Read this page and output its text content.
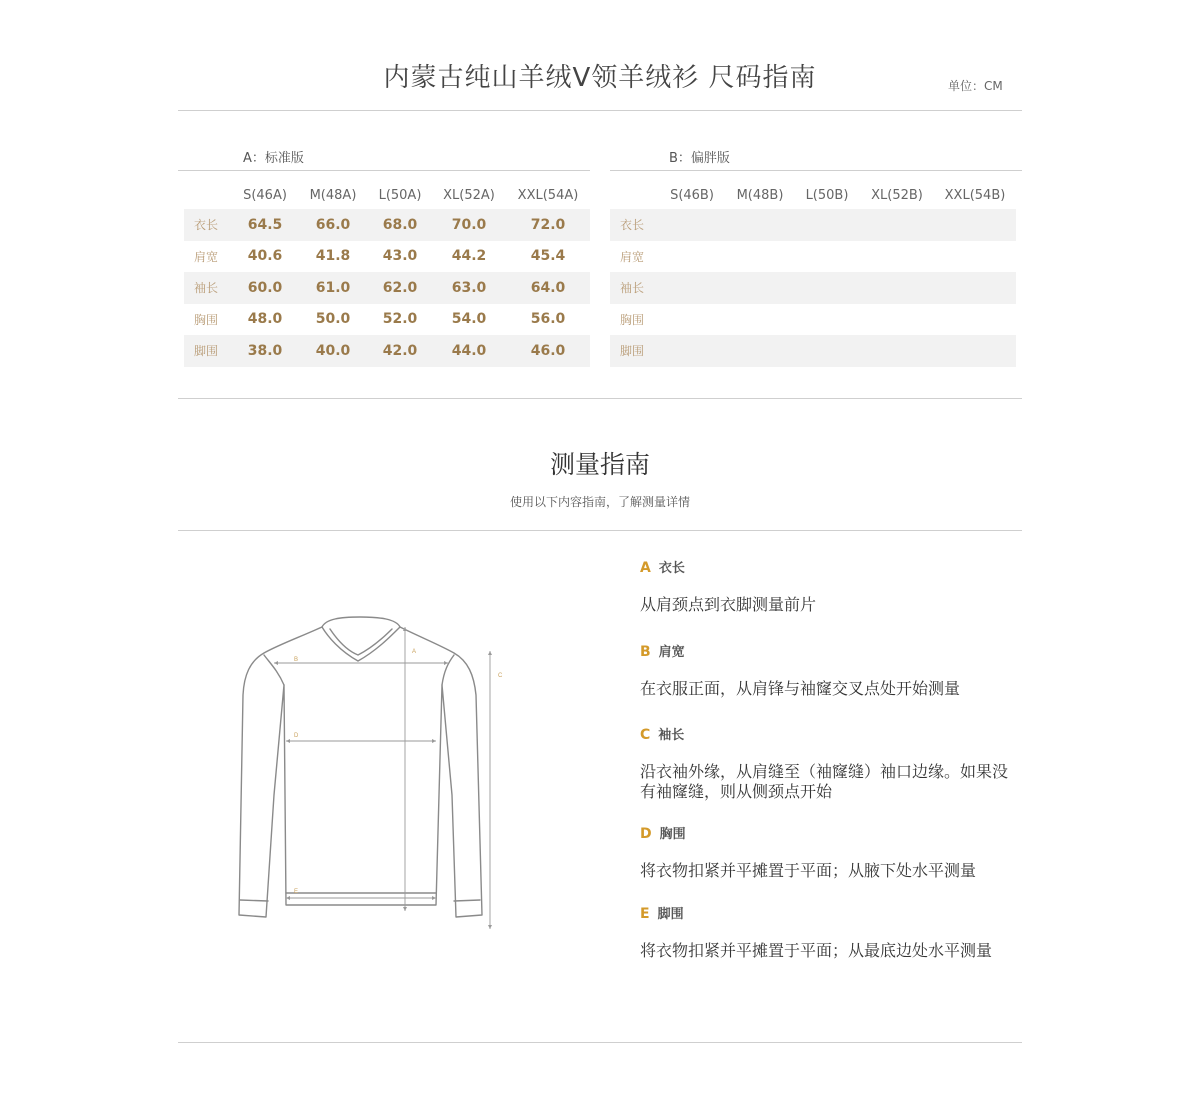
内蒙古纯山羊绒Ⅴ领羊绒衫 尺码指南	单位：CM
A：标准版
	S(46A)	M(48A)	L(50A)	XL(52A)	XXL(54A)
衣长	64.5	66.0	68.0	70.0	72.0
肩宽	40.6	41.8	43.0	44.2	45.4
袖长	60.0	61.0	62.0	63.0	64.0
胸围	48.0	50.0	52.0	54.0	56.0
脚围	38.0	40.0	42.0	44.0	46.0
B：偏胖版
	S(46B)	M(48B)	L(50B)	XL(52B)	XXL(54B)
衣长					
肩宽					
袖长					
胸围					
脚围					
测量指南
使用以下内容指南，了解测量详情
B
A
C
D
E
A 衣长
从肩颈点到衣脚测量前片
B 肩宽
在衣服正面，从肩锋与袖窿交叉点处开始测量
C 袖长
沿衣袖外缘，从肩缝至（袖窿缝）袖口边缘。如果没有袖窿缝，则从侧颈点开始
D 胸围
将衣物扣紧并平摊置于平面；从腋下处水平测量
E 脚围
将衣物扣紧并平摊置于平面；从最底边处水平测量
